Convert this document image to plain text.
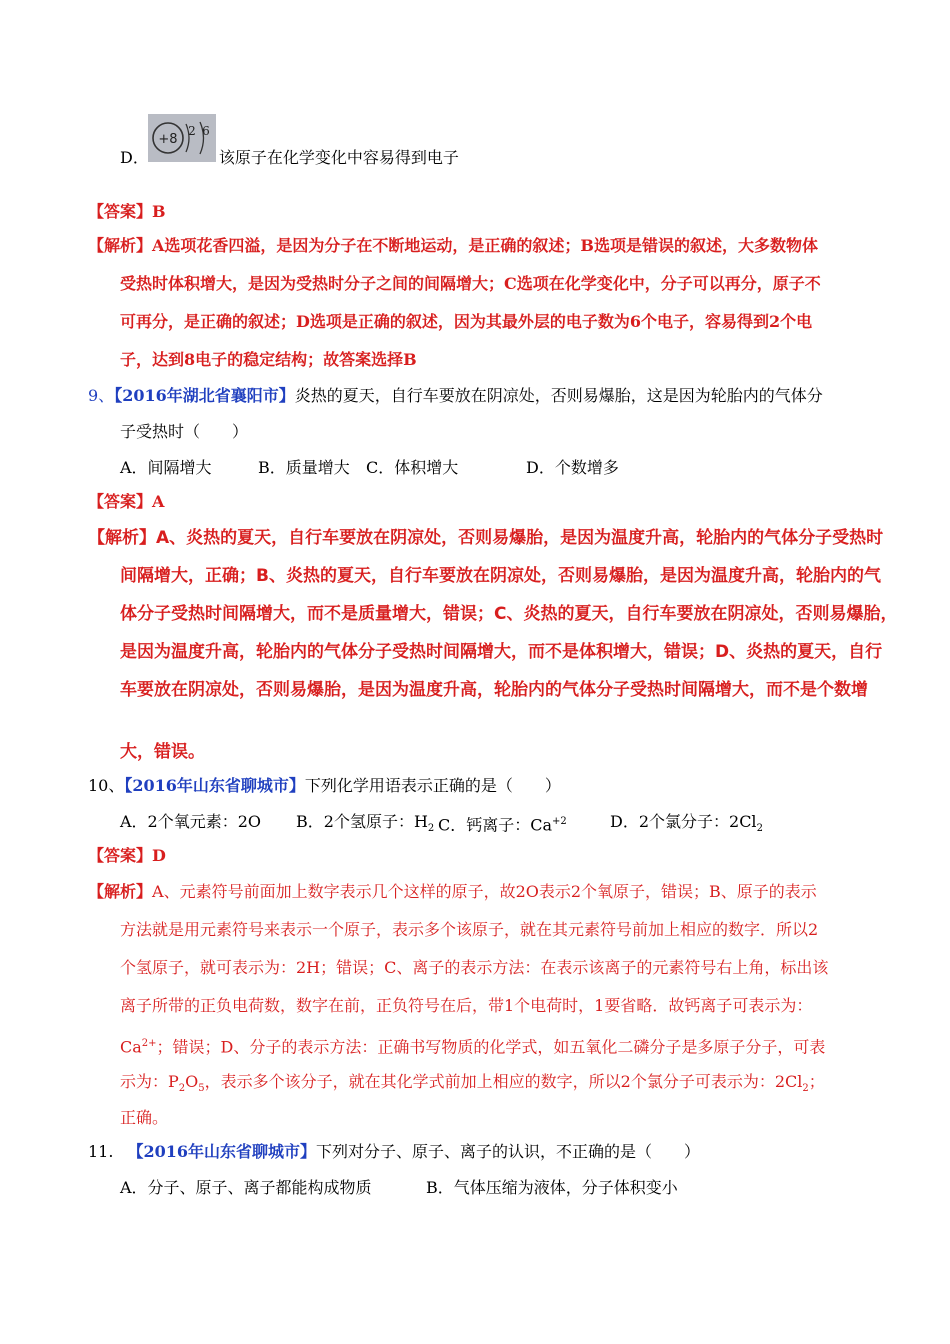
+8
2 6
D．	该原子在化学变化中容易得到电子
【答案】B
【解析】A选项花香四溢，是因为分子在不断地运动，是正确的叙述；B选项是错误的叙述，大多数物体
受热时体积增大，是因为受热时分子之间的间隔增大；C选项在化学变化中，分子可以再分，原子不
可再分，是正确的叙述；D选项是正确的叙述，因为其最外层的电子数为6个电子，容易得到2个电
子，达到8电子的稳定结构；故答案选择B
9、【2016年湖北省襄阳市】炎热的夏天，自行车要放在阴凉处，否则易爆胎，这是因为轮胎内的气体分
子受热时（　　）
A．间隔增大	B．质量增大 C．体积增大	D．个数增多
【答案】A
【解析】A、炎热的夏天，自行车要放在阴凉处，否则易爆胎，是因为温度升高，轮胎内的气体分子受热时
间隔增大，正确；B、炎热的夏天，自行车要放在阴凉处，否则易爆胎，是因为温度升高，轮胎内的气
体分子受热时间隔增大，而不是质量增大，错误；C、炎热的夏天，自行车要放在阴凉处，否则易爆胎，
是因为温度升高，轮胎内的气体分子受热时间隔增大，而不是体积增大，错误；D、炎热的夏天，自行
车要放在阴凉处，否则易爆胎，是因为温度升高，轮胎内的气体分子受热时间隔增大，而不是个数增
大，错误。
10、【2016年山东省聊城市】下列化学用语表示正确的是（　　）
A．2个氧元素：2O B．2个氢原子：$H_2$ C．钙离子：$Ca^{+2}$	D．2个氯分子：$2Cl_2$
【答案】D
【解析】A、元素符号前面加上数字表示几个这样的原子，故2O表示2个氧原子，错误；B、原子的表示
方法就是用元素符号来表示一个原子，表示多个该原子，就在其元素符号前加上相应的数字．所以2
个氢原子，就可表示为：2H；错误；C、离子的表示方法：在表示该离子的元素符号右上角，标出该
离子所带的正负电荷数，数字在前，正负符号在后，带1个电荷时，1要省略．故钙离子可表示为：
$Ca^{2+}$；错误；D、分子的表示方法：正确书写物质的化学式，如五氧化二磷分子是多原子分子，可表
示为：$P_2O_5$，表示多个该分子，就在其化学式前加上相应的数字，所以2个氯分子可表示为：$2Cl_2$；
正确。
11. 【2016年山东省聊城市】下列对分子、原子、离子的认识，不正确的是（　　）
A．分子、原子、离子都能构成物质	B．气体压缩为液体，分子体积变小
